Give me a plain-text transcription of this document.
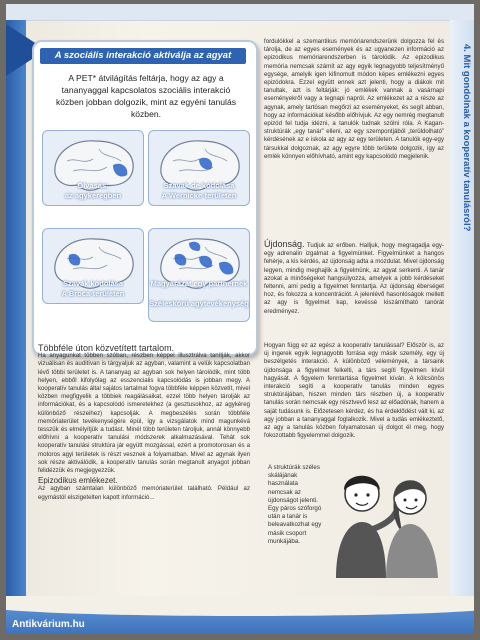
4. Mit gondolnak a kooperatív tanulásról?
A szociális interakció aktiválja az agyat
A PET* átvilágítás feltárja, hogy az agy a tananyaggal kapcsolatos szociális interakció közben jobban dolgozik, mint az egyéni tanulás közben.
Olvasás:
az agykéregben
Szavak de kódolása
A Wernicke-területen
Szavak kódolása
A Broca-területen
Magyarázat egy partnernek
Széleskörű agytevékenység
Többféle úton közvetített tartalom.

Ha anyagunkat többen szóban, részben képpel illusztrálva tanítják, akkor vizuálisan és auditívan is tárgyaljuk az agyban, valamint a velük kapcsolatban lévő többi területet is. A tananyag az agyban sok helyen tárolódik, mint több helyen, ebből kifolyólag az esszencialis kapcsolódás is jobban megy. A kooperatív tanulás által sajátos tartalmat fogva többféle képpen közvetít, mivel közben megfigyelik a többiek reagálásaikat, ezzel több helyen tárolják az információkat, és a kapcsolódó ismeretekhez (a gesztusokhoz, az agykéreg különböző részeihez) kapcsolják. A megbeszélés során többféle memóriaterület tevékenységére épül, így a vizsgálatok mind magunkévá tesszük és elmélyítjük a tudást. Minél több területen tároljuk, annál könnyebb előhívni a kooperatív tanulási módszerek alkalmazásával. Tehát sok kooperatív tanulási struktúra jár együtt mozgással, ezért a promotorosan és a motoros agyi területek is részt vesznek a folyamatban. Mivel az agynak ilyen sok része aktiválódik, a kooperatív tanulás során megtanult anyagot jobban felidézzük és megjegyezzük.

Epizodikus emlékezet.

Az agyban számtalan különböző memóriaterület található. Például az egymástól elszigetelten kapott információ...

fordulókkel a szemantikus memóriarendszerünk dolgozza fel és tárolja, de az egyes események és az ugyanezen információ az epizodikus memóriarendszerben is tárolódik. Az epizodikus memória nemcsak számít az agy egyik legnagyobb teljesítményű egysége, amelyik igen kifinomult módon képes emlékezni egyes epizódokra. Ezzel együtt ennek azt jelenti, hogy a diákok mit tanultak, azt is feltárják: jó emlékek vannak a vasárnapi eseményekről vagy a tegnapi napról. Az emlékezet az a része az agynak, amely tartósan megőrzi az eseményeket, és segít abban, hogy az információkat később előhívjuk. Az egy nemrég megtanult epizód fel tudja idézni, a tanulók tudnak szólni róla. A Kagan-struktúrák „egy tanár” elleni, az egy szempontjából „terüldolható” kérdésének az e iskola az agy az egy területen. A tanulók egy-egy társukkal dolgoznak, az agy egyre több területe dolgozik, így az emlék könnyen előhívható, amint egy kapcsolódó megjelenik.

Újdonság. Tudjuk az erőben. Halljuk, hogy megragadja egy-egy adrenalin izgalmat a figyelmünket. Figyelmünket a hangos fehérje, a kis kérdés, az újdonság adta a mozdulat. Mivel újdonság legyen, mindig meghajlik a figyelmünk, az agyat serkenti. A tanár azokat a minőségeket hangsúlyozza, amelyek a jobb kérdéseket feltenni, ami pedig a figyelmet fenntartja. Az újdonság éberséget hoz, és fokozza a koncentrációt. A jelenlévő hasonlóságok mellett az agy is figyelmet kap, kevéssé kiszámítható tanórát eredményez.

Hogyan függ ez az egész a kooperatív tanulással? Először is, az új ingerek egyik legnagyobb forrása egy másik személy, egy új beszélgetés interakció. A különböző vélemények, a társaink újdonsága a figyelmet felkelti, a társ segíti figyelmen kívül hagyását. A figyelem fenntartása figyelmet kíván. A kölcsönös interakció segíti a kooperatív tanulás minden egyes struktúrájában, hiszen minden társ részben új, a kooperatív tanulás során nemcsak egy résztvevő lesz az előadónak, hanem a saját tudásunk is. Előzetesen kérdez, és ha érdeklődést vált ki, az agy jobban a tananyaggal foglalkozik. Mivel a tudás emlékeztető, az agy a tanulás közben folyamatosan új dolgot él meg, hogy fokozottabb figyelemmel dolgozik.

A struktúrák széles skálájának használata nemcsak az újdonságot jelenti. Egy páros szóforgó után a tanár is beleavatkozhat egy másik csoport munkájába.
Antikvárium.hu
